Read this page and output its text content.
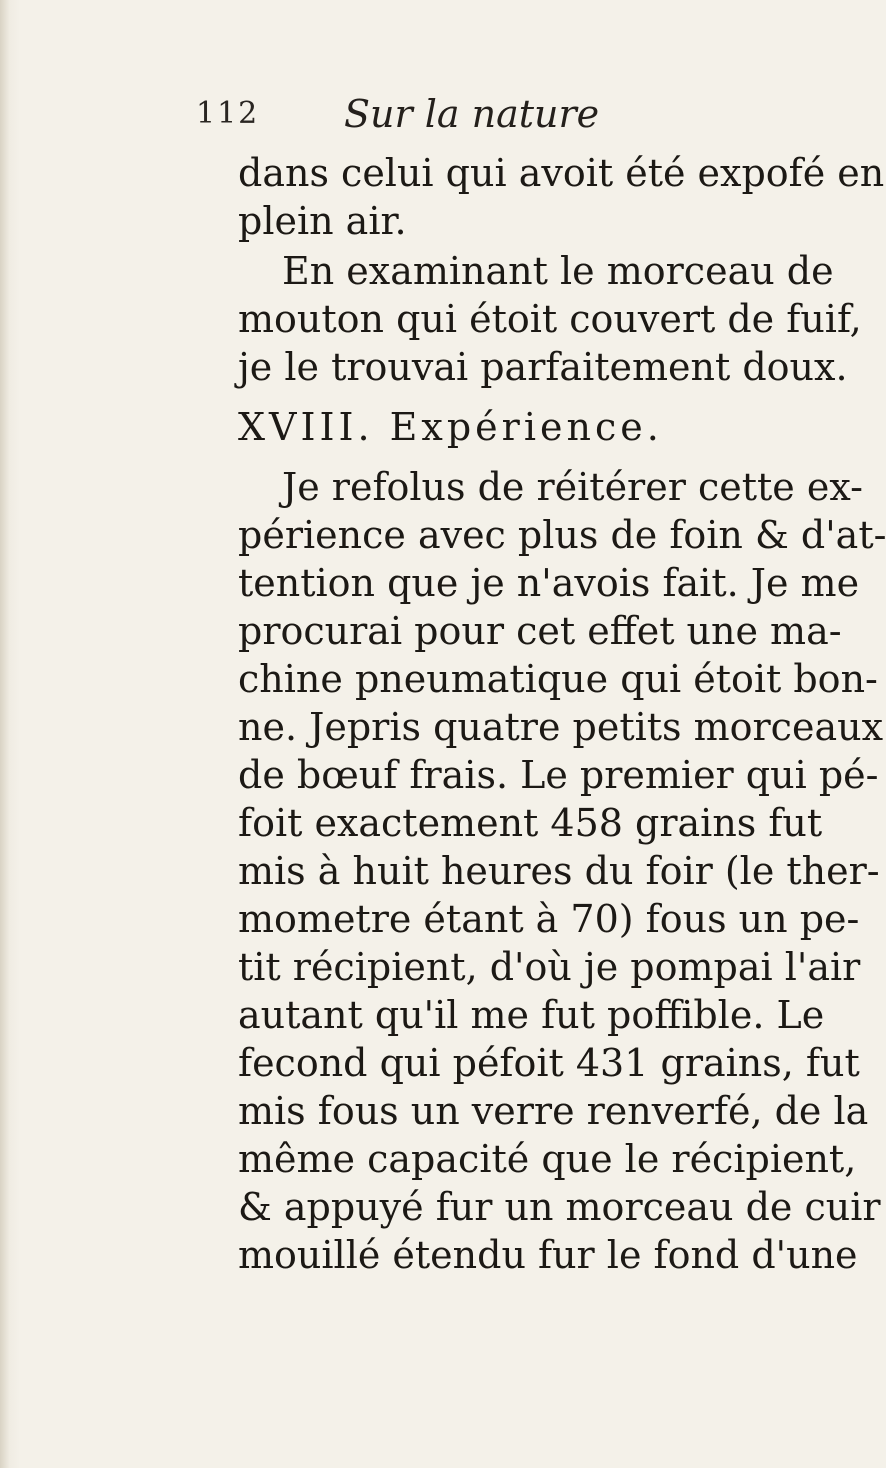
112 Sur la nature
dans celui qui avoit été expofé en
plein air.
En examinant le morceau de
mouton qui étoit couvert de fuif,
je le trouvai parfaitement doux.
XVIII. Expérience.
Je refolus de réitérer cette ex-
périence avec plus de foin & d'at-
tention que je n'avois fait. Je me
procurai pour cet effet une ma-
chine pneumatique qui étoit bon-
ne. Jepris quatre petits morceaux
de bœuf frais. Le premier qui pé-
foit exactement 458 grains fut
mis à huit heures du foir (le ther-
mometre étant à 70) fous un pe-
tit récipient, d'où je pompai l'air
autant qu'il me fut poffible. Le
fecond qui péfoit 431 grains, fut
mis fous un verre renverfé, de la
même capacité que le récipient,
& appuyé fur un morceau de cuir
mouillé étendu fur le fond d'une
